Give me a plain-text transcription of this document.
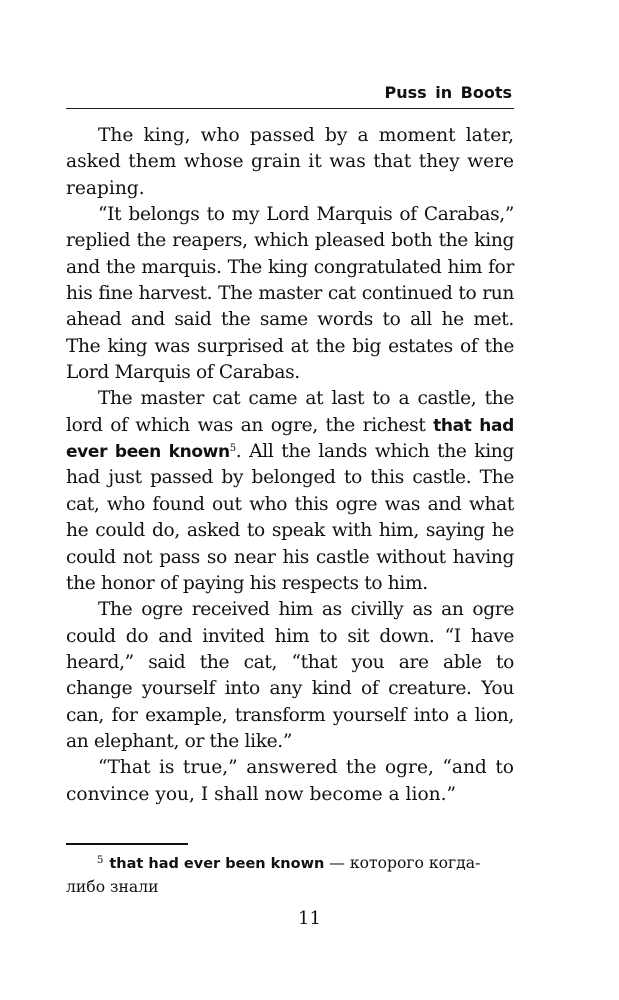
Puss in Boots

The king, who passed by a moment later, asked them whose grain it was that they were reaping.

“It belongs to my Lord Marquis of Carabas,” replied the reapers, which pleased both the king and the marquis. The king congratulated him for his fine harvest. The master cat continued to run ahead and said the same words to all he met. The king was surprised at the big estates of the Lord Marquis of Carabas.

The master cat came at last to a castle, the lord of which was an ogre, the richest that had ever been known$^5$. All the lands which the king had just passed by belonged to this castle. The cat, who found out who this ogre was and what he could do, asked to speak with him, saying he could not pass so near his castle without having the honor of paying his respects to him.

The ogre received him as civilly as an ogre could do and invited him to sit down. “I have heard,” said the cat, “that you are able to change yourself into any kind of creature. You can, for example, transform yourself into a lion, an elephant, or the like.”

“That is true,” answered the ogre, “and to convince you, I shall now become a lion.”

$^5$ that had ever been known — которого когда-либо знали

11
